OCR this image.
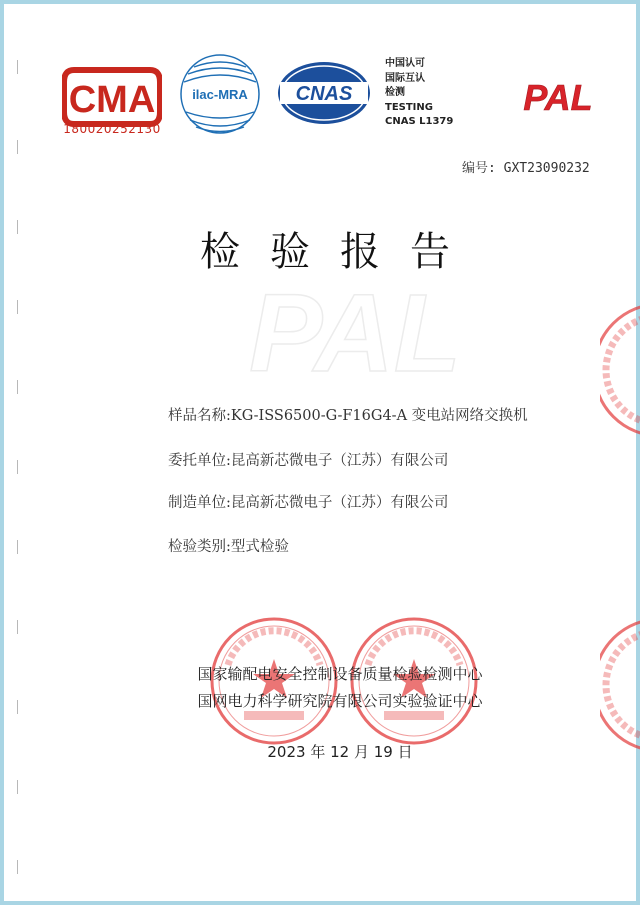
CMA
180020252130
ilac-MRA CNAS
中国认可
国际互认
检测
TESTING
CNAS L1379
PAL
编号: GXT23090232
检验报告
PAL
样品名称:KG-ISS6500-G-F16G4-A 变电站网络交换机
委托单位:昆高新芯微电子（江苏）有限公司
制造单位:昆高新芯微电子（江苏）有限公司
检验类别:型式检验
国家输配电安全控制设备质量检验检测中心
国网电力科学研究院有限公司实验验证中心
2023 年 12 月 19 日
